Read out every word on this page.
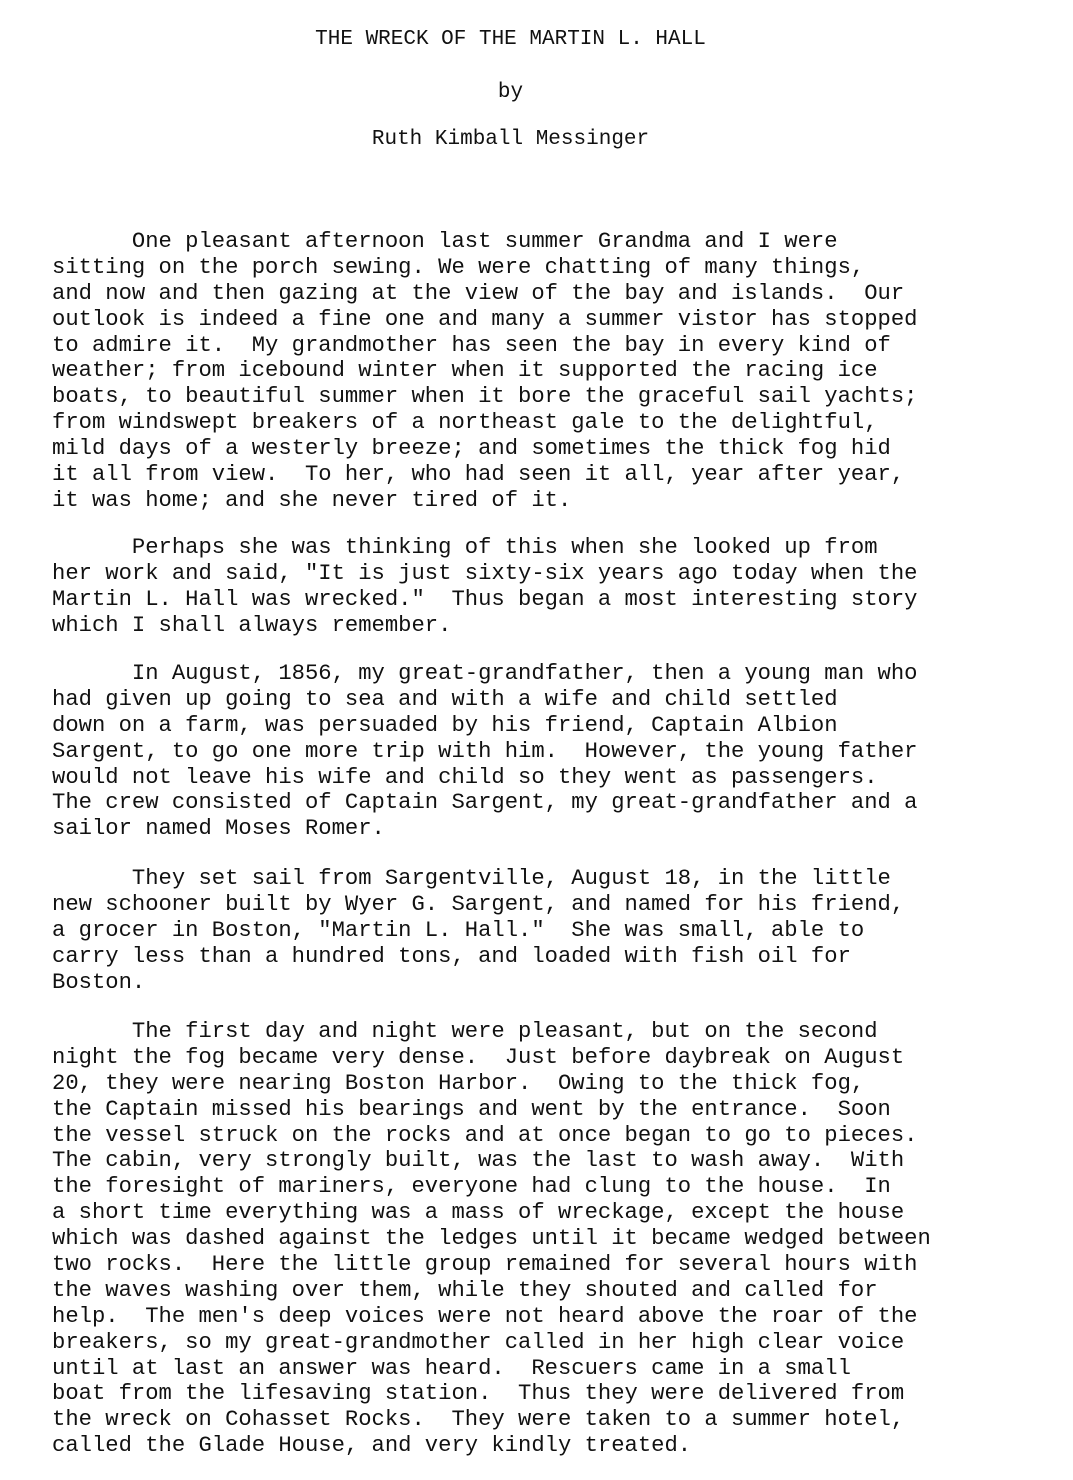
THE WRECK OF THE MARTIN L. HALL
by
Ruth Kimball Messinger
One pleasant afternoon last summer Grandma and I were
sitting on the porch sewing. We were chatting of many things,
and now and then gazing at the view of the bay and islands.  Our
outlook is indeed a fine one and many a summer vistor has stopped
to admire it.  My grandmother has seen the bay in every kind of
weather; from icebound winter when it supported the racing ice
boats, to beautiful summer when it bore the graceful sail yachts;
from windswept breakers of a northeast gale to the delightful,
mild days of a westerly breeze; and sometimes the thick fog hid
it all from view.  To her, who had seen it all, year after year,
it was home; and she never tired of it.
Perhaps she was thinking of this when she looked up from
her work and said, "It is just sixty-six years ago today when the
Martin L. Hall was wrecked."  Thus began a most interesting story
which I shall always remember.
In August, 1856, my great-grandfather, then a young man who
had given up going to sea and with a wife and child settled
down on a farm, was persuaded by his friend, Captain Albion
Sargent, to go one more trip with him.  However, the young father
would not leave his wife and child so they went as passengers.
The crew consisted of Captain Sargent, my great-grandfather and a
sailor named Moses Romer.
They set sail from Sargentville, August 18, in the little
new schooner built by Wyer G. Sargent, and named for his friend,
a grocer in Boston, "Martin L. Hall."  She was small, able to
carry less than a hundred tons, and loaded with fish oil for
Boston.
The first day and night were pleasant, but on the second
night the fog became very dense.  Just before daybreak on August
20, they were nearing Boston Harbor.  Owing to the thick fog,
the Captain missed his bearings and went by the entrance.  Soon
the vessel struck on the rocks and at once began to go to pieces.
The cabin, very strongly built, was the last to wash away.  With
the foresight of mariners, everyone had clung to the house.  In
a short time everything was a mass of wreckage, except the house
which was dashed against the ledges until it became wedged between
two rocks.  Here the little group remained for several hours with
the waves washing over them, while they shouted and called for
help.  The men's deep voices were not heard above the roar of the
breakers, so my great-grandmother called in her high clear voice
until at last an answer was heard.  Rescuers came in a small
boat from the lifesaving station.  Thus they were delivered from
the wreck on Cohasset Rocks.  They were taken to a summer hotel,
called the Glade House, and very kindly treated.
